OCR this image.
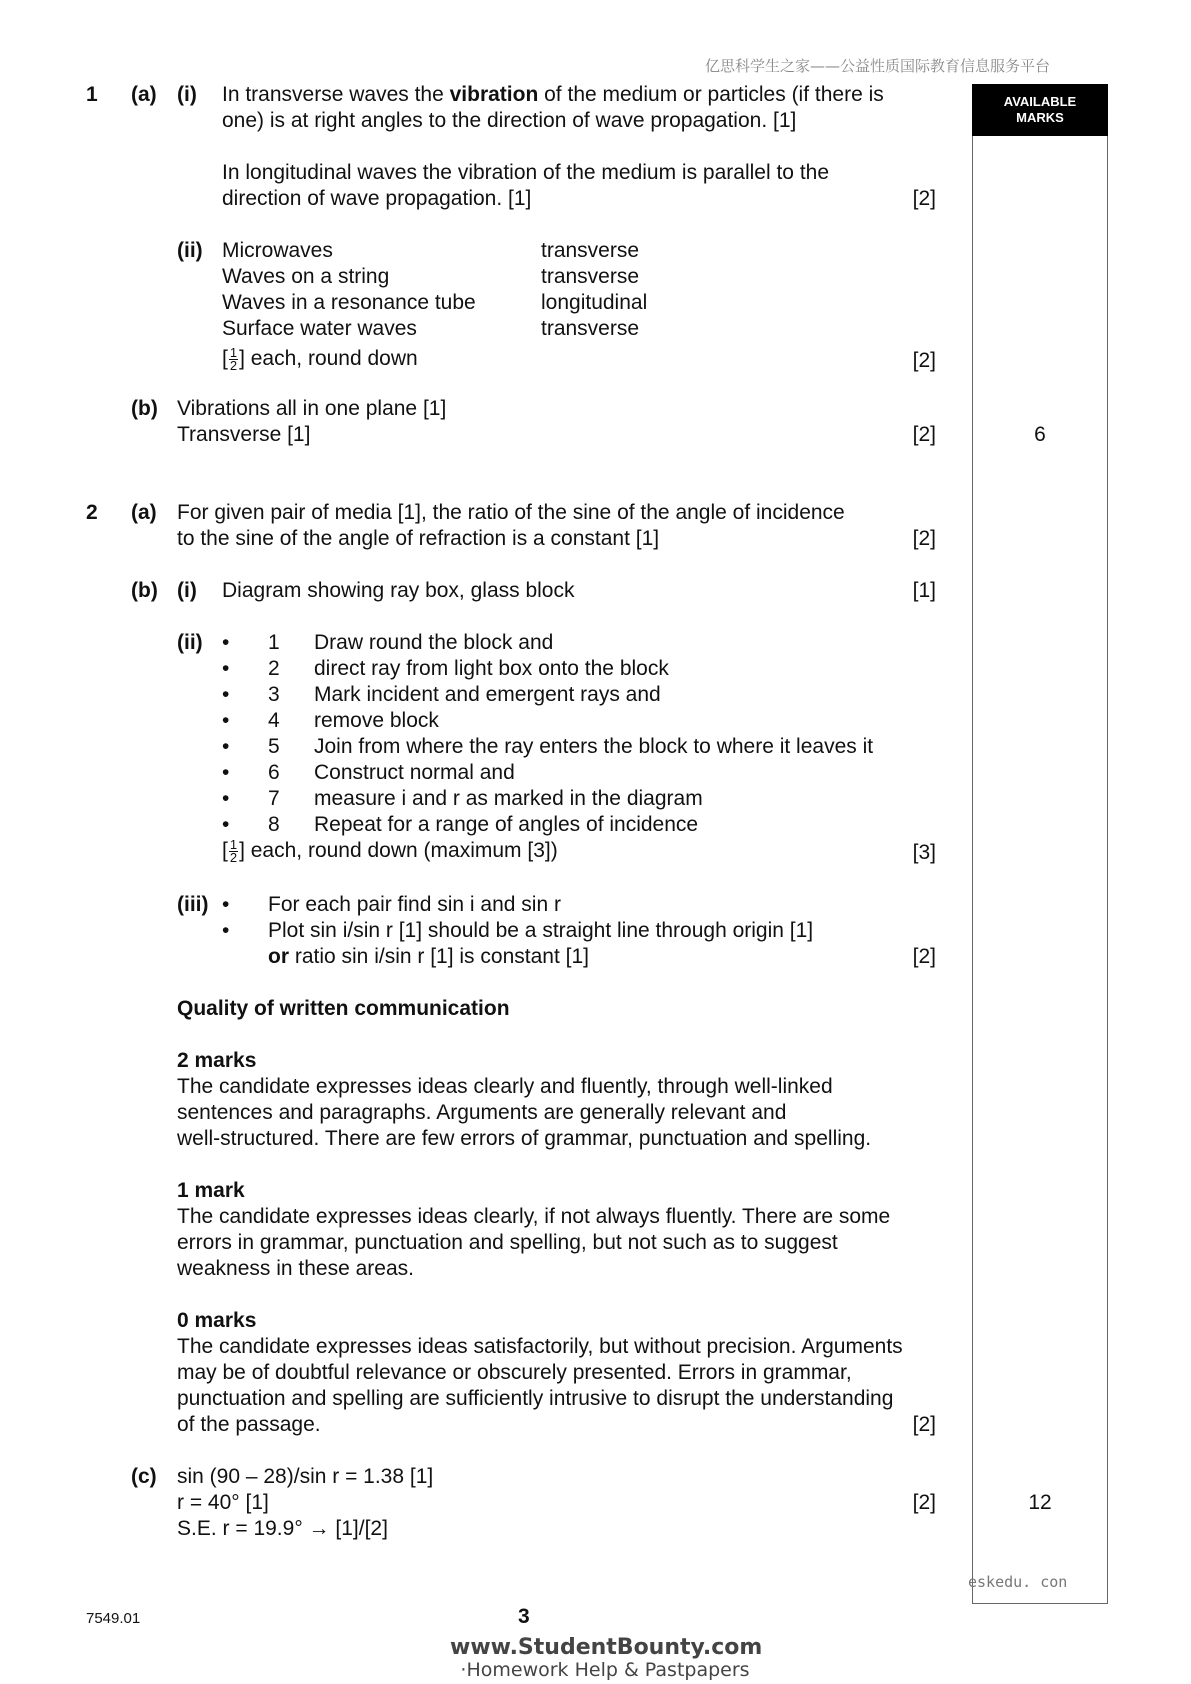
亿思科学生之家——公益性质国际教育信息服务平台
AVAILABLE
MARKS
1 (a) (i) In transverse waves the vibration of the medium or particles (if there is
one) is at right angles to the direction of wave propagation. [1]
In longitudinal waves the vibration of the medium is parallel to the
direction of wave propagation. [1]	[2]
(ii) Microwaves	transverse
Waves on a string	transverse
Waves in a resonance tube	longitudinal
Surface water waves	transverse
[ $\frac{1}{2}$ ] each, round down	[2]
(b) Vibrations all in one plane [1]
Transverse [1]	[2]	6
2 (a) For given pair of media [1], the ratio of the sine of the angle of incidence
to the sine of the angle of refraction is a constant [1]	[2]
(b) (i) Diagram showing ray box, glass block	[1]
(ii) • 1 Draw round the block and
• 2 direct ray from light box onto the block
• 3 Mark incident and emergent rays and
• 4 remove block
• 5 Join from where the ray enters the block to where it leaves it
• 6 Construct normal and
• 7 measure i and r as marked in the diagram
• 8 Repeat for a range of angles of incidence
[ $\frac{1}{2}$ ] each, round down (maximum [3])	[3]
(iii) • For each pair find sin i and sin r
• Plot sin i/sin r [1] should be a straight line through origin [1]
or ratio sin i/sin r [1] is constant [1]	[2]
Quality of written communication
2 marks
The candidate expresses ideas clearly and fluently, through well-linked
sentences and paragraphs. Arguments are generally relevant and
well-structured. There are few errors of grammar, punctuation and spelling.
1 mark
The candidate expresses ideas clearly, if not always fluently. There are some
errors in grammar, punctuation and spelling, but not such as to suggest
weakness in these areas.
0 marks
The candidate expresses ideas satisfactorily, but without precision. Arguments
may be of doubtful relevance or obscurely presented. Errors in grammar,
punctuation and spelling are sufficiently intrusive to disrupt the understanding
of the passage.	[2]
(c) sin (90 – 28)/sin r = 1.38 [1]
r = 40° [1]
S.E. r = 19.9° → [1]/[2]
[2]	12
eskedu. con
7549.01	3
www.StudentBounty.com
·Homework Help & Pastpapers
